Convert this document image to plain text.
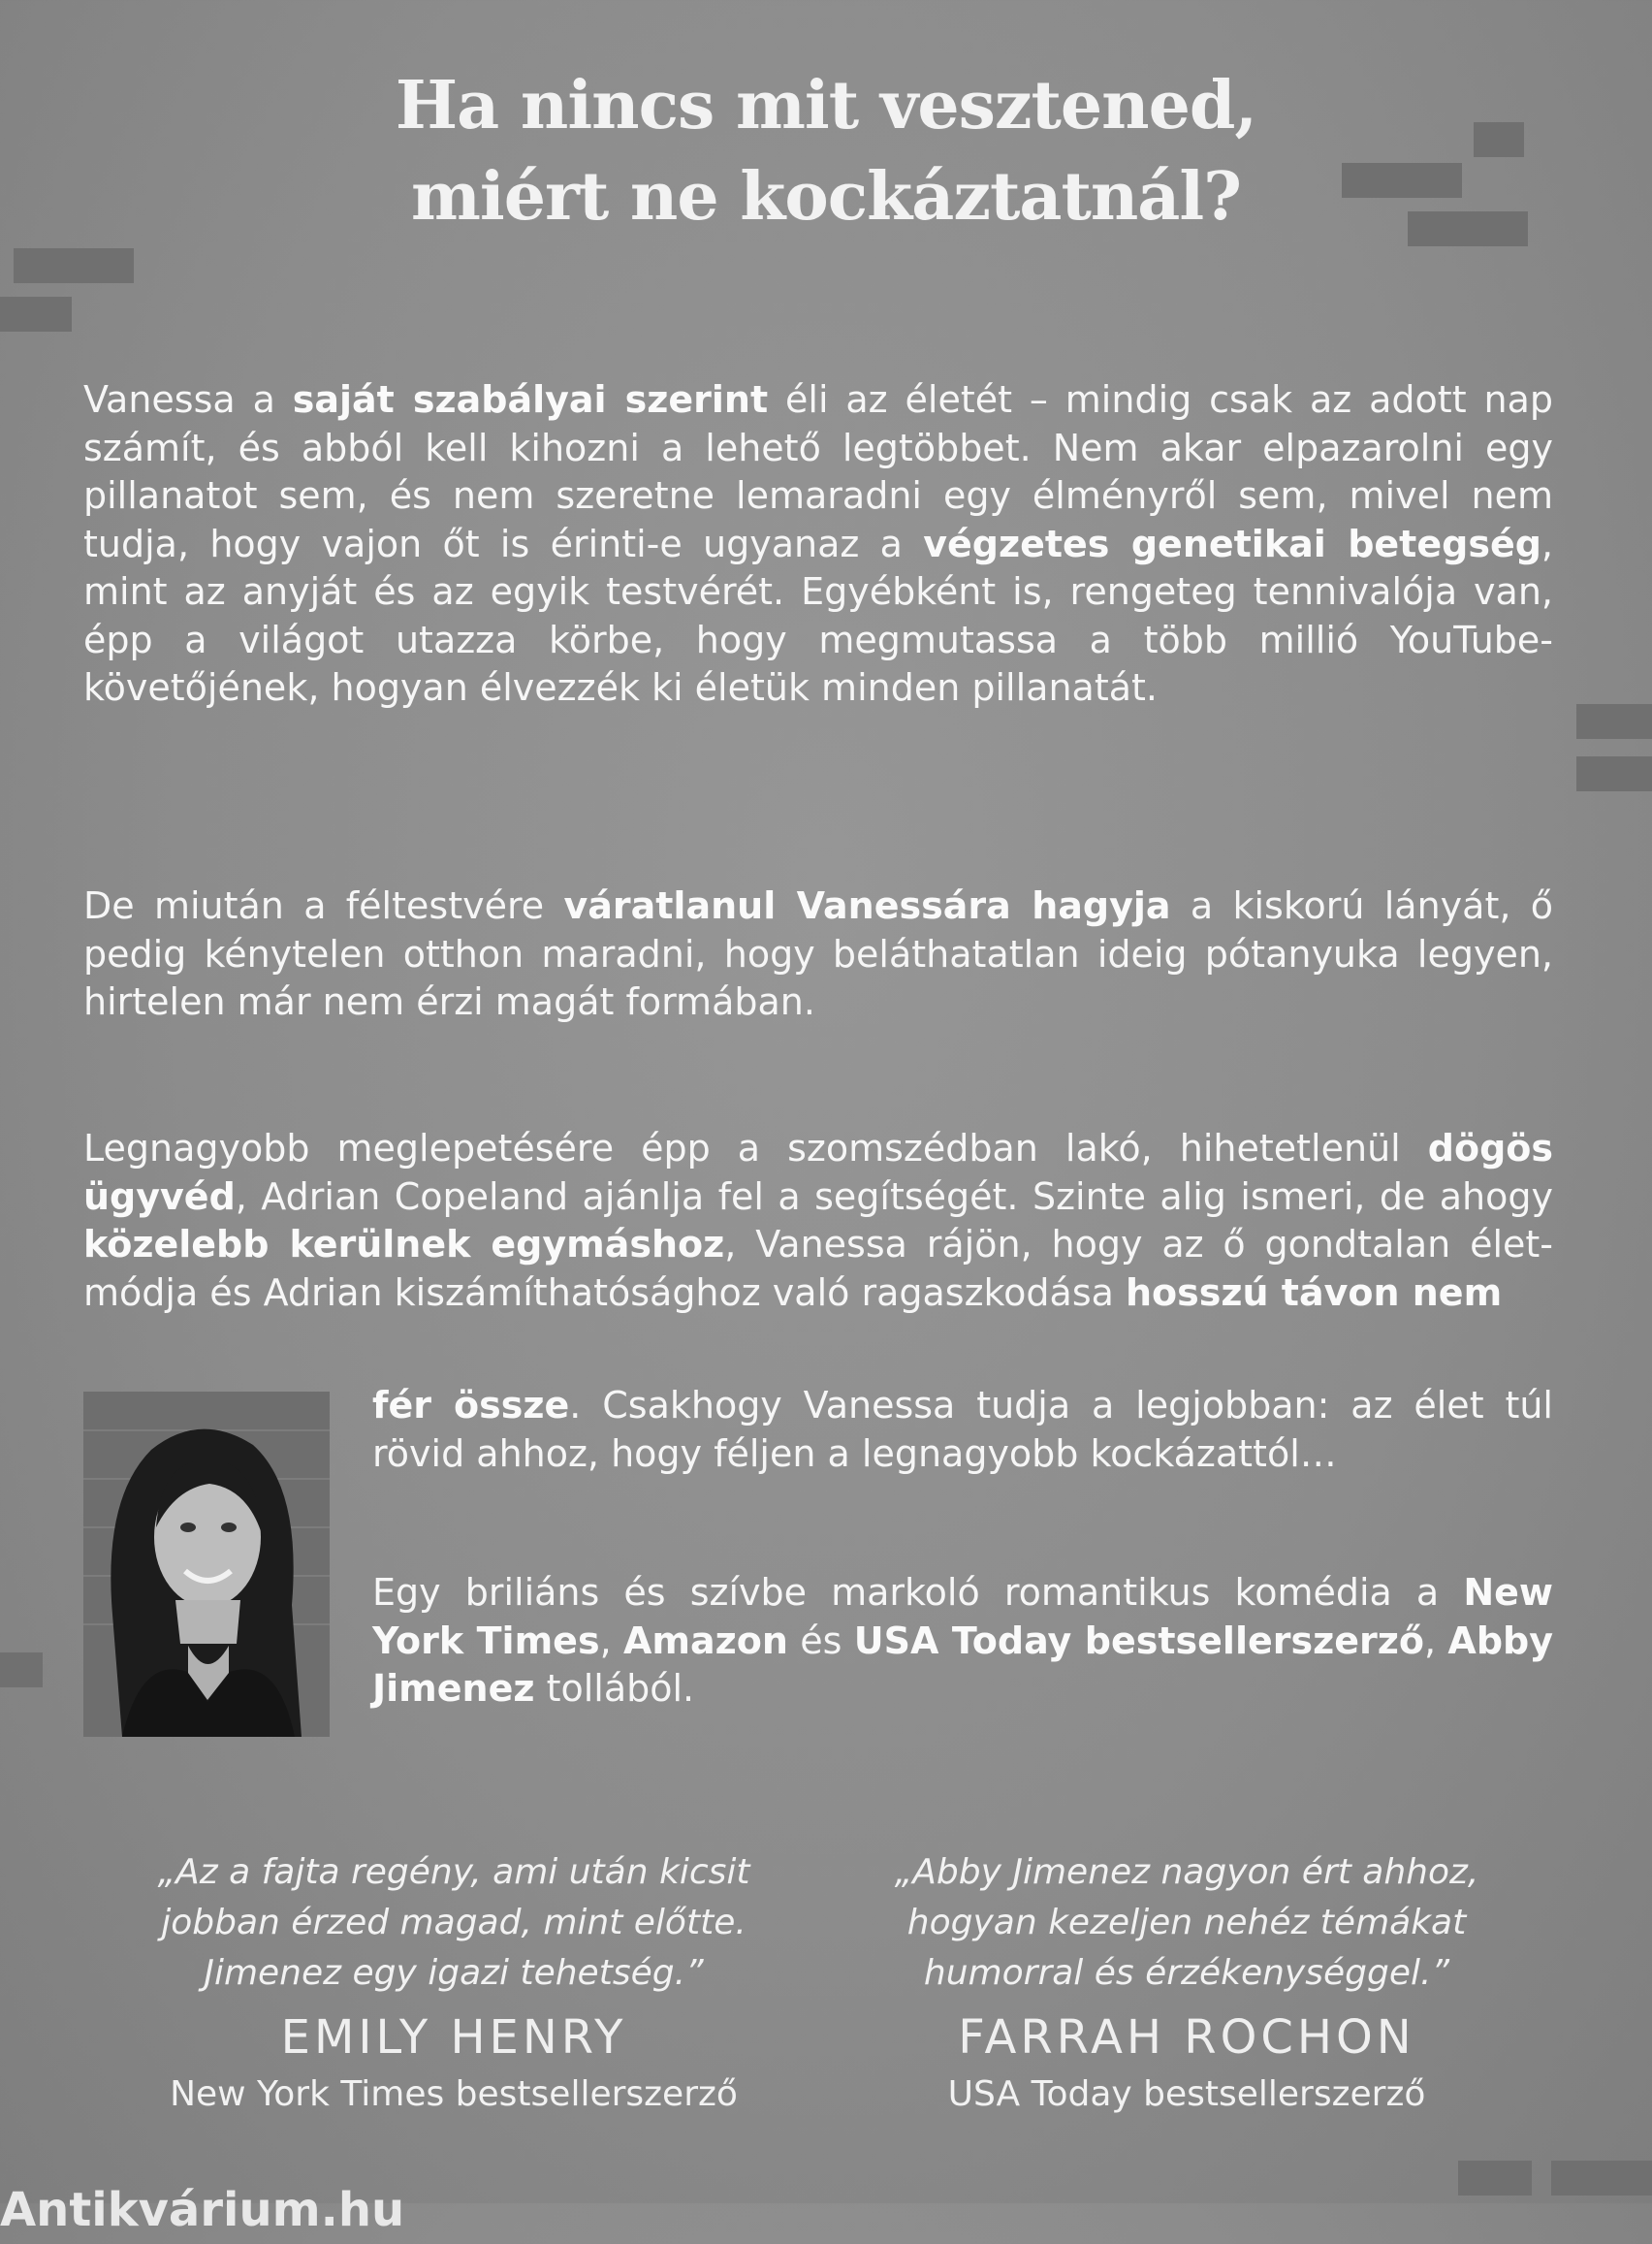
Ha nincs mit vesztened,
miért ne kockáztatnál?
Vanessa a saját szabályai szerint éli az életét – mindig csak az adott nap számít, és abból kell kihozni a lehető legtöbbet. Nem akar elpazarolni egy pillanatot sem, és nem szeretne lemaradni egy élményről sem, mivel nem tudja, hogy vajon őt is érinti-e ugyanaz a végzetes genetikai betegség, mint az anyját és az egyik testvérét. Egyébként is, rengeteg tennivalója van, épp a világot utazza körbe, hogy megmutassa a több millió YouTube-követőjének, hogyan élvezzék ki életük minden pillanatát.
De miután a féltestvére váratlanul Vanessára hagyja a kiskorú lányát, ő pedig kénytelen otthon maradni, hogy beláthatatlan ideig pótanyuka legyen, hirtelen már nem érzi magát formában.
Legnagyobb meglepetésére épp a szomszédban lakó, hihetetlenül dögös ügyvéd, Adrian Copeland ajánlja fel a segítségét. Szinte alig ismeri, de ahogy közelebb kerülnek egymáshoz, Vanessa rájön, hogy az ő gondtalan élet-módja és Adrian kiszámíthatósághoz való ragaszkodása hosszú távon nem
fér össze. Csakhogy Vanessa tudja a legjobban: az élet túl rövid ahhoz, hogy féljen a legnagyobb kockázattól…
Egy briliáns és szívbe markoló romantikus komédia a New York Times, Amazon és USA Today bestsellerszerző, Abby Jimenez tollából.
„Az a fajta regény, ami után kicsit
jobban érzed magad, mint előtte.
Jimenez egy igazi tehetség.”
EMILY HENRY
New York Times bestsellerszerző
„Abby Jimenez nagyon ért ahhoz,
hogyan kezeljen nehéz témákat
humorral és érzékenységgel.”
FARRAH ROCHON
USA Today bestsellerszerző
Antikvárium.hu
